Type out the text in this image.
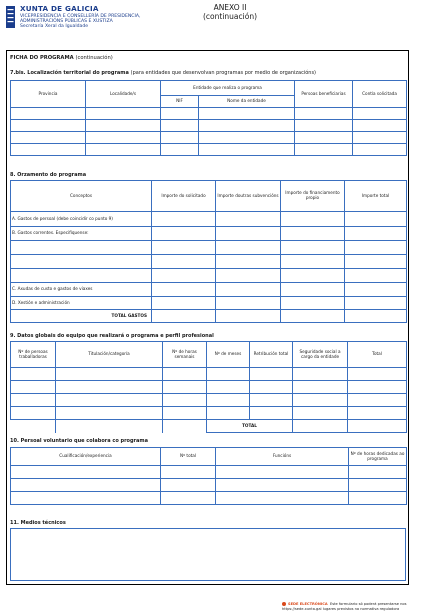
XUNTA DE GALICIA
VICEPRESIDENCIA E CONSELLERÍA DE PRESIDENCIA,
ADMINISTRACIÓNS PÚBLICAS E XUSTIZA
Secretaría Xeral da Igualdade
ANEXO II
(continuación)
FICHA DO PROGRAMA (continuación)
7.bis. Localización territorial do programa (para entidades que desenvolvan programas por medio de organizacións)
Provincia	Localidade/s	Entidade que realiza o programa		Persoas beneficiarias	Contía solicitada
		NIF	Nome da entidade		

8. Orzamento do programa
Conceptos	Importe do solicitado	Importe doutras subvencións	Importe do financiamento propio	Importe total
A. Gastos de persoal (debe coincidir co punto 9)				
B. Gastos correntes. Especifíquense:				

C. Axudas de custo e gastos de viaxes				
D. Xestión e administración				
TOTAL GASTOS				
9. Datos globais do equipo que realizará o programa e perfil profesional
Nº de persoas traballadoras	Titulación/categoría	Nº de horas semanais	Nº de meses	Retribución total	Seguridade social a cargo da entidade	Total

			TOTAL			
10. Persoal voluntario que colabora co programa
Cualificación/experiencia	Nº total	Funcións	Nº de horas dedicadas ao programa

11. Medios técnicos
SEDE ELECTRÓNICA Este formulario só poderá presentarse nos
https://sede.xunta.gal lugares previstos na normativa reguladora
